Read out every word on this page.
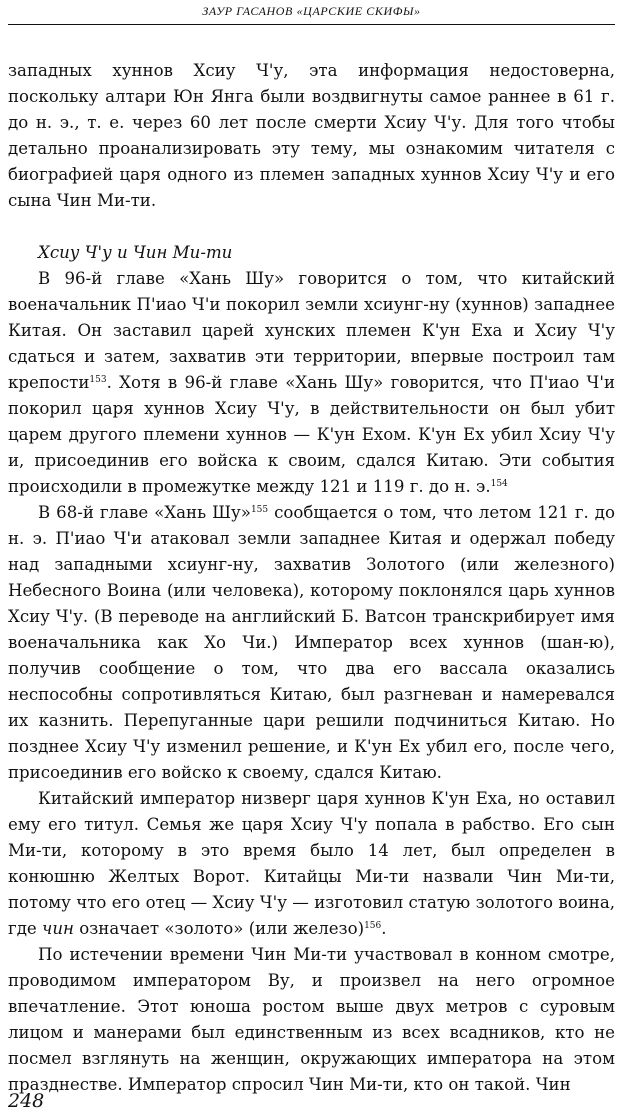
ЗАУР ГАСАНОВ «ЦАРСКИЕ СКИФЫ»

западных хуннов Хсиу Ч'у, эта информация недостоверна, поскольку алтари Юн Янга были воздвигнуты самое раннее в 61 г. до н. э., т. е. через 60 лет после смерти Хсиу Ч'у. Для того чтобы детально проанализировать эту тему, мы ознакомим читателя с биографией царя одного из племен западных хуннов Хсиу Ч'у и его сына Чин Ми-ти.

Хсиу Ч'у и Чин Ми-ти

В 96-й главе «Хань Шу» говорится о том, что китайский военачальник П'иао Ч'и покорил земли хсиунг-ну (хуннов) западнее Китая. Он заставил царей хунских племен К'ун Еха и Хсиу Ч'у сдаться и затем, захватив эти территории, впервые построил там крепости$^{153}$. Хотя в 96-й главе «Хань Шу» говорится, что П'иао Ч'и покорил царя хуннов Хсиу Ч'у, в действительности он был убит царем другого племени хуннов — К'ун Ехом. К'ун Ех убил Хсиу Ч'у и, присоединив его войска к своим, сдался Китаю. Эти события происходили в промежутке между 121 и 119 г. до н. э.$^{154}$

В 68-й главе «Хань Шу»$^{155}$ сообщается о том, что летом 121 г. до н. э. П'иао Ч'и атаковал земли западнее Китая и одержал победу над западными хсиунг-ну, захватив Золотого (или железного) Небесного Воина (или человека), которому поклонялся царь хуннов Хсиу Ч'у. (В переводе на английский Б. Ватсон транскрибирует имя военачальника как Хо Чи.) Император всех хуннов (шан-ю), получив сообщение о том, что два его вассала оказались неспособны сопротивляться Китаю, был разгневан и намеревался их казнить. Перепуганные цари решили подчиниться Китаю. Но позднее Хсиу Ч'у изменил решение, и К'ун Ех убил его, после чего, присоединив его войско к своему, сдался Китаю.

Китайский император низверг царя хуннов К'ун Еха, но оставил ему его титул. Семья же царя Хсиу Ч'у попала в рабство. Его сын Ми-ти, которому в это время было 14 лет, был определен в конюшню Желтых Ворот. Китайцы Ми-ти назвали Чин Ми-ти, потому что его отец — Хсиу Ч'у — изготовил статую золотого воина, где чин означает «золото» (или железо)$^{156}$.

По истечении времени Чин Ми-ти участвовал в конном смотре, проводимом императором Ву, и произвел на него огромное впечатление. Этот юноша ростом выше двух метров с суровым лицом и манерами был единственным из всех всадников, кто не посмел взглянуть на женщин, окружающих императора на этом празднестве. Император спросил Чин Ми-ти, кто он такой. Чин

248
